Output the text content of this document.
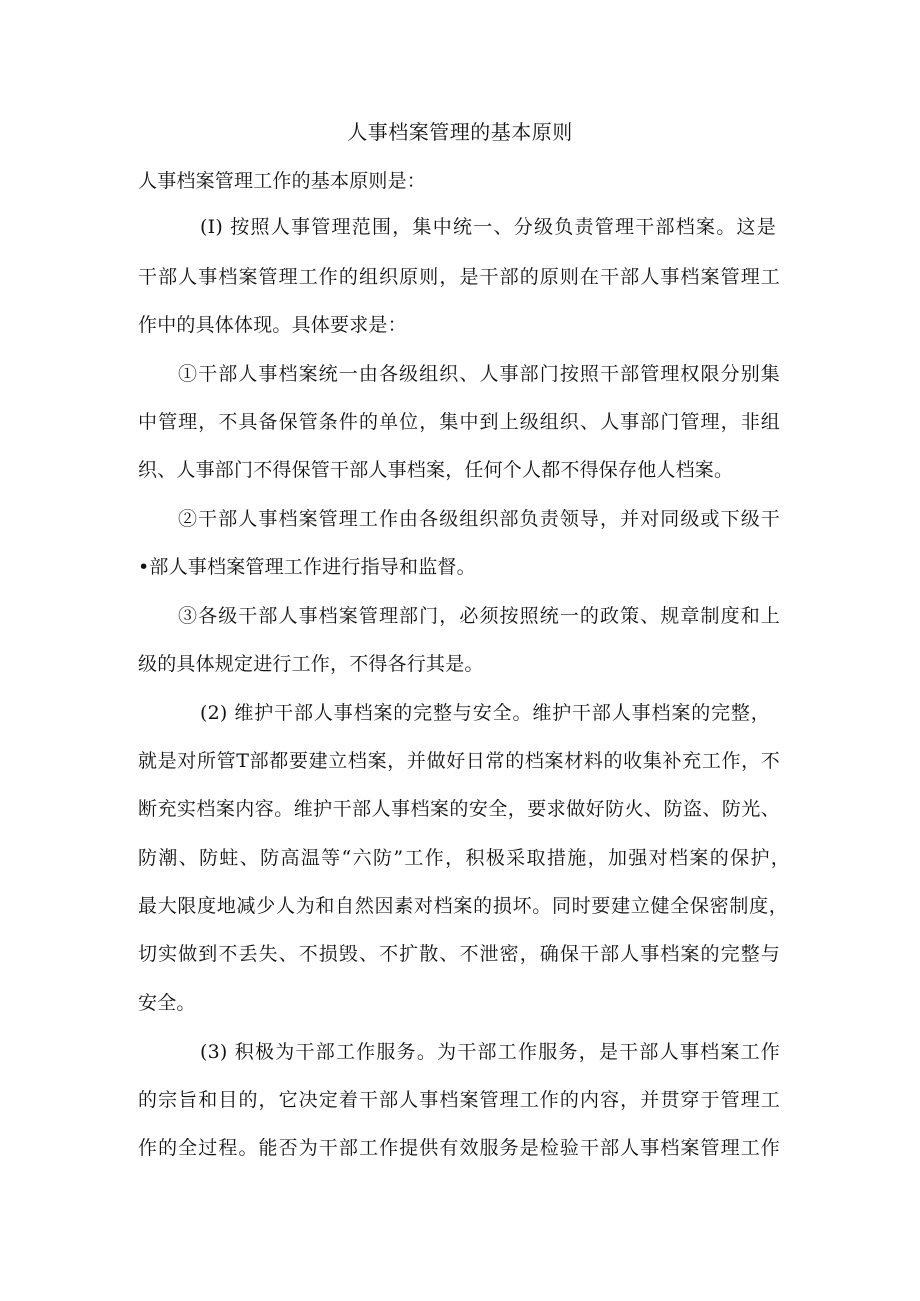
人事档案管理的基本原则

人事档案管理工作的基本原则是：

(I) 按照人事管理范围，集中统一、分级负责管理干部档案。这是

干部人事档案管理工作的组织原则，是干部的原则在干部人事档案管理工

作中的具体体现。具体要求是：

①干部人事档案统一由各级组织、人事部门按照干部管理权限分别集

中管理，不具备保管条件的单位，集中到上级组织、人事部门管理，非组

织、人事部门不得保管干部人事档案，任何个人都不得保存他人档案。

②干部人事档案管理工作由各级组织部负责领导，并对同级或下级干

•部人事档案管理工作进行指导和监督。

③各级干部人事档案管理部门，必须按照统一的政策、规章制度和上

级的具体规定进行工作，不得各行其是。

(2) 维护干部人事档案的完整与安全。维护干部人事档案的完整，

就是对所管T部都要建立档案，并做好日常的档案材料的收集补充工作，不

断充实档案内容。维护干部人事档案的安全，要求做好防火、防盗、防光、

防潮、防蛀、防高温等“六防”工作，积极采取措施，加强对档案的保护，

最大限度地减少人为和自然因素对档案的损坏。同时要建立健全保密制度，

切实做到不丢失、不损毁、不扩散、不泄密，确保干部人事档案的完整与

安全。

(3) 积极为干部工作服务。为干部工作服务，是干部人事档案工作

的宗旨和目的，它决定着干部人事档案管理工作的内容，并贯穿于管理工

作的全过程。能否为干部工作提供有效服务是检验干部人事档案管理工作
